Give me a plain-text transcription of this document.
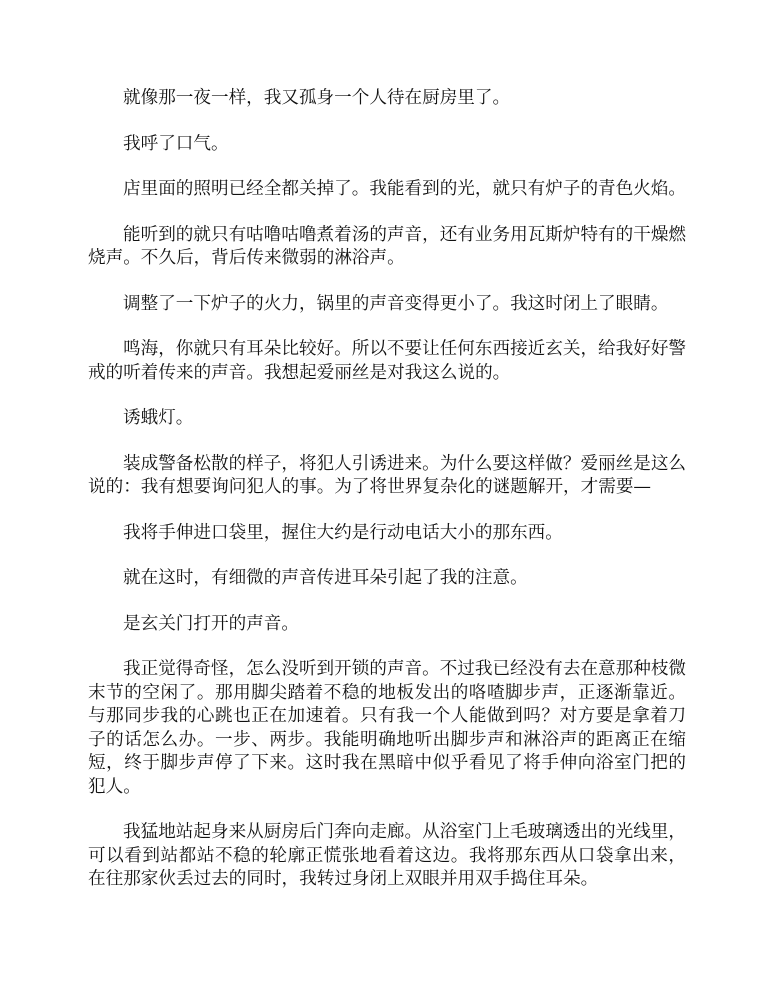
就像那一夜一样，我又孤身一个人待在厨房里了。

我呼了口气。

店里面的照明已经全都关掉了。我能看到的光，就只有炉子的青色火焰。

能听到的就只有咕噜咕噜煮着汤的声音，还有业务用瓦斯炉特有的干燥燃烧声。不久后，背后传来微弱的淋浴声。

调整了一下炉子的火力，锅里的声音变得更小了。我这时闭上了眼睛。

鸣海，你就只有耳朵比较好。所以不要让任何东西接近玄关，给我好好警戒的听着传来的声音。我想起爱丽丝是对我这么说的。

诱蛾灯。

装成警备松散的样子，将犯人引诱进来。为什么要这样做？爱丽丝是这么说的：我有想要询问犯人的事。为了将世界复杂化的谜题解开，才需要—

我将手伸进口袋里，握住大约是行动电话大小的那东西。

就在这时，有细微的声音传进耳朵引起了我的注意。

是玄关门打开的声音。

我正觉得奇怪，怎么没听到开锁的声音。不过我已经没有去在意那种枝微末节的空闲了。那用脚尖踏着不稳的地板发出的咯喳脚步声，正逐渐靠近。与那同步我的心跳也正在加速着。只有我一个人能做到吗？对方要是拿着刀子的话怎么办。一步、两步。我能明确地听出脚步声和淋浴声的距离正在缩短，终于脚步声停了下来。这时我在黑暗中似乎看见了将手伸向浴室门把的犯人。

我猛地站起身来从厨房后门奔向走廊。从浴室门上毛玻璃透出的光线里，可以看到站都站不稳的轮廓正慌张地看着这边。我将那东西从口袋拿出来，在往那家伙丢过去的同时，我转过身闭上双眼并用双手捣住耳朵。
